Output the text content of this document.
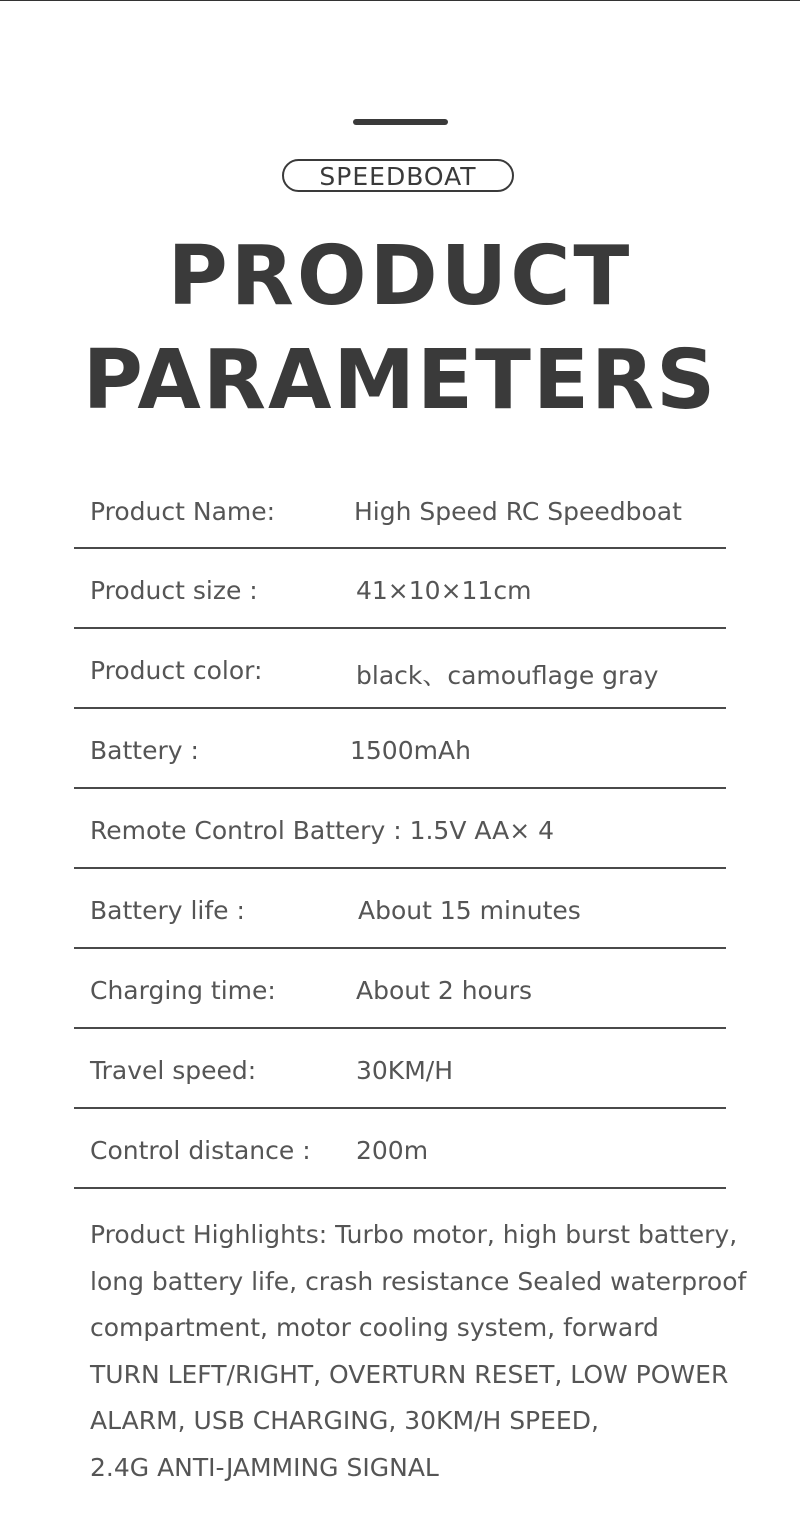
SPEEDBOAT
PRODUCT
PARAMETERS
Product Name:	High Speed RC Speedboat
Product size :	41×10×11cm
Product color:	black、camouflage gray
Battery :	1500mAh
Remote Control Battery : 1.5V AA× 4
Battery life :	About 15 minutes
Charging time:	About 2 hours
Travel speed:	30KM/H
Control distance : 200m
Product Highlights: Turbo motor, high burst battery,
long battery life, crash resistance Sealed waterproof
compartment, motor cooling system, forward
TURN LEFT/RIGHT, OVERTURN RESET, LOW POWER
ALARM, USB CHARGING, 30KM/H SPEED,
2.4G ANTI-JAMMING SIGNAL
